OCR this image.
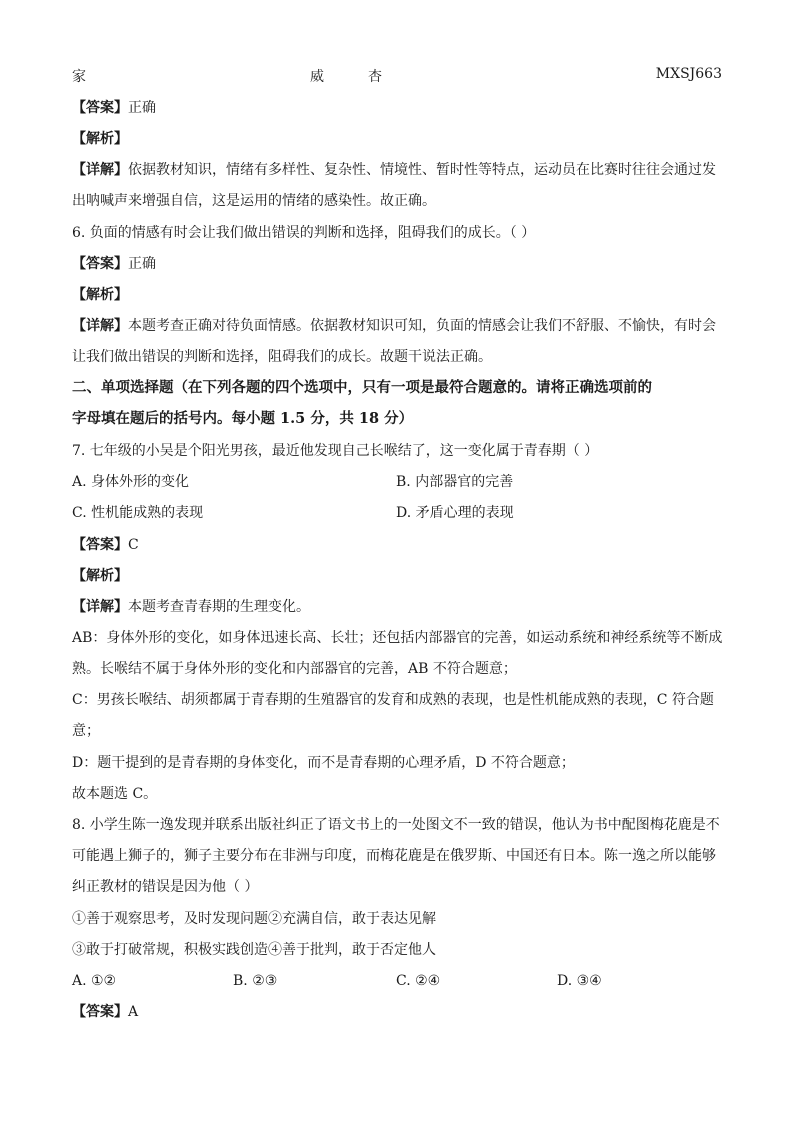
家	威	杏	MXSJ663
【答案】正确
【解析】
【详解】依据教材知识，情绪有多样性、复杂性、情境性、暂时性等特点，运动员在比赛时往往会通过发
出呐喊声来增强自信，这是运用的情绪的感染性。故正确。
6. 负面的情感有时会让我们做出错误的判断和选择，阻碍我们的成长。（ ）
【答案】正确
【解析】
【详解】本题考查正确对待负面情感。依据教材知识可知，负面的情感会让我们不舒服、不愉快，有时会
让我们做出错误的判断和选择，阻碍我们的成长。故题干说法正确。
二、单项选择题（在下列各题的四个选项中，只有一项是最符合题意的。请将正确选项前的
字母填在题后的括号内。每小题 1.5 分，共 18 分）
7. 七年级的小吴是个阳光男孩，最近他发现自己长喉结了，这一变化属于青春期（ ）
A. 身体外形的变化	B. 内部器官的完善
C. 性机能成熟的表现	D. 矛盾心理的表现
【答案】C
【解析】
【详解】本题考查青春期的生理变化。
AB：身体外形的变化，如身体迅速长高、长壮；还包括内部器官的完善，如运动系统和神经系统等不断成
熟。长喉结不属于身体外形的变化和内部器官的完善，AB 不符合题意；
C：男孩长喉结、胡须都属于青春期的生殖器官的发育和成熟的表现，也是性机能成熟的表现，C 符合题
意；
D：题干提到的是青春期的身体变化，而不是青春期的心理矛盾，D 不符合题意；
故本题选 C。
8. 小学生陈一逸发现并联系出版社纠正了语文书上的一处图文不一致的错误，他认为书中配图梅花鹿是不
可能遇上狮子的，狮子主要分布在非洲与印度，而梅花鹿是在俄罗斯、中国还有日本。陈一逸之所以能够
纠正教材的错误是因为他（ ）
①善于观察思考，及时发现问题②充满自信，敢于表达见解
③敢于打破常规，积极实践创造④善于批判，敢于否定他人
A. ①②	B. ②③	C. ②④	D. ③④
【答案】A
